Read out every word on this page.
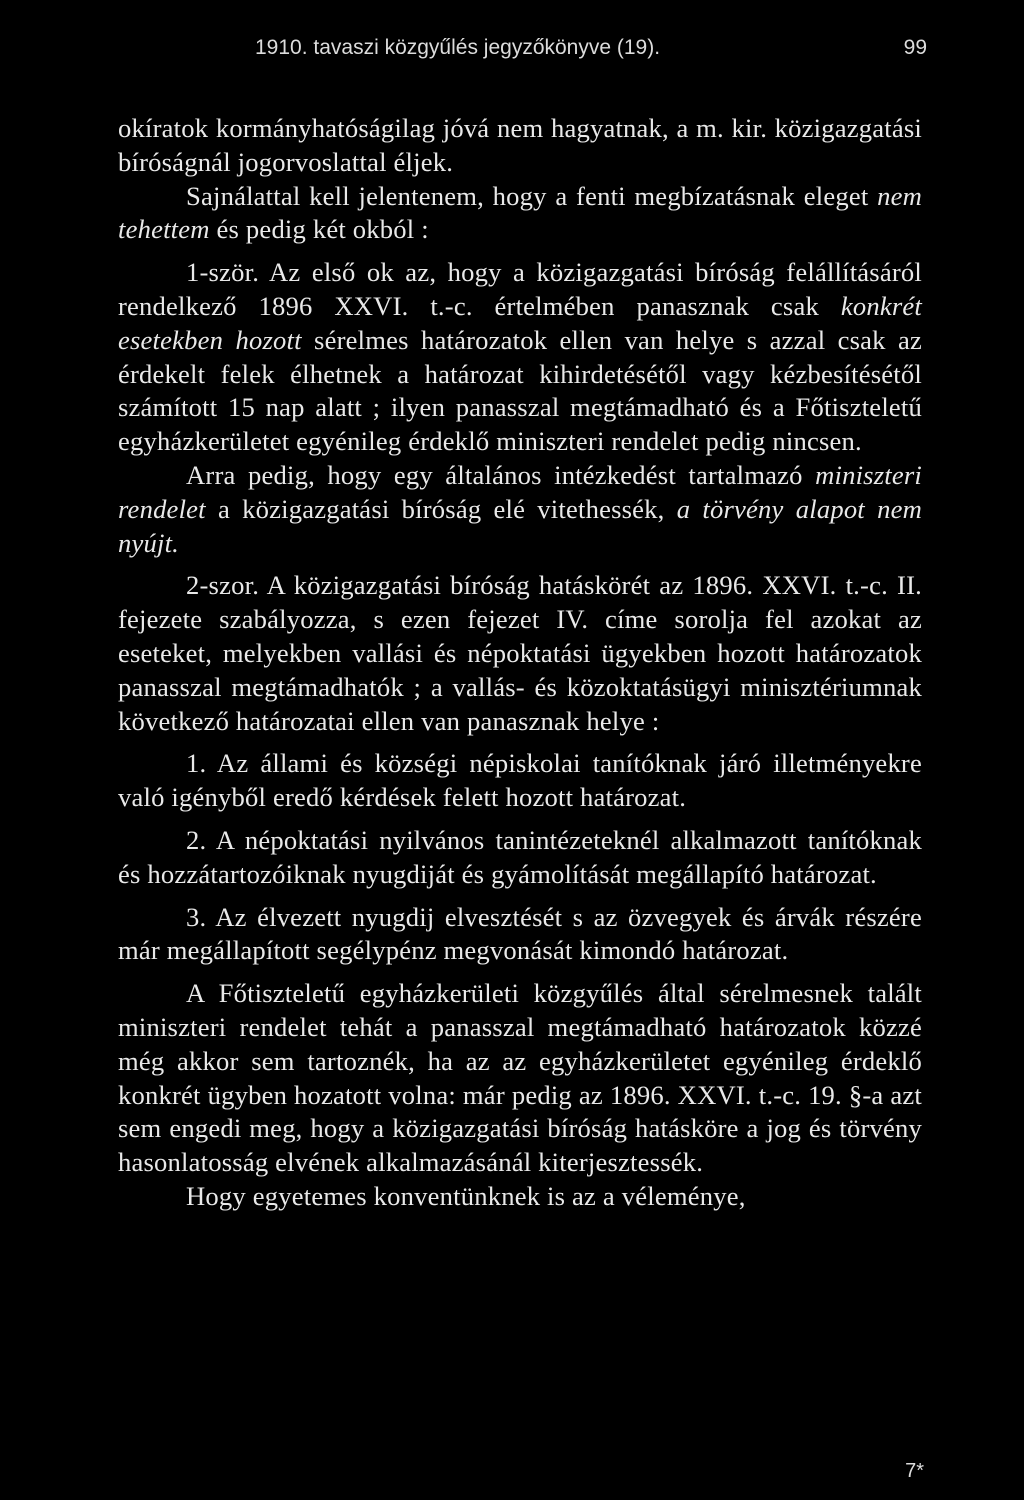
1910. tavaszi közgyűlés jegyzőkönyve (19).	99

okíratok kormányhatóságilag jóvá nem hagyatnak, a m. kir. közigazgatási bíróságnál jogorvoslattal éljek.

Sajnálattal kell jelentenem, hogy a fenti megbízatásnak eleget nem tehettem és pedig két okból :

1-ször. Az első ok az, hogy a közigazgatási bíróság felállításáról rendelkező 1896 XXVI. t.-c. értelmében panasznak csak konkrét esetekben hozott sérelmes határozatok ellen van helye s azzal csak az érdekelt felek élhetnek a határozat kihirdetésétől vagy kézbesítésétől számított 15 nap alatt ; ilyen panasszal megtámadható és a Főtiszteletű egyházkerületet egyénileg érdeklő miniszteri rendelet pedig nincsen.

Arra pedig, hogy egy általános intézkedést tartalmazó miniszteri rendelet a közigazgatási bíróság elé vitethessék, a törvény alapot nem nyújt.

2-szor. A közigazgatási bíróság hatáskörét az 1896. XXVI. t.-c. II. fejezete szabályozza, s ezen fejezet IV. címe sorolja fel azokat az eseteket, melyekben vallási és népoktatási ügyekben hozott határozatok panasszal megtámadhatók ; a vallás- és közoktatásügyi minisztériumnak következő határozatai ellen van panasznak helye :

1. Az állami és községi népiskolai tanítóknak járó illetményekre való igényből eredő kérdések felett hozott határozat.

2. A népoktatási nyilvános tanintézeteknél alkalmazott tanítóknak és hozzátartozóiknak nyugdiját és gyámolítását megállapító határozat.

3. Az élvezett nyugdij elvesztését s az özvegyek és árvák részére már megállapított segélypénz megvonását kimondó határozat.

A Főtiszteletű egyházkerületi közgyűlés által sérelmesnek talált miniszteri rendelet tehát a panasszal megtámadható határozatok közzé még akkor sem tartoznék, ha az az egyházkerületet egyénileg érdeklő konkrét ügyben hozatott volna: már pedig az 1896. XXVI. t.-c. 19. §-a azt sem engedi meg, hogy a közigazgatási bíróság hatásköre a jog és törvény hasonlatosság elvének alkalmazásánál kiterjesztessék.

Hogy egyetemes konventünknek is az a véleménye,

7*
